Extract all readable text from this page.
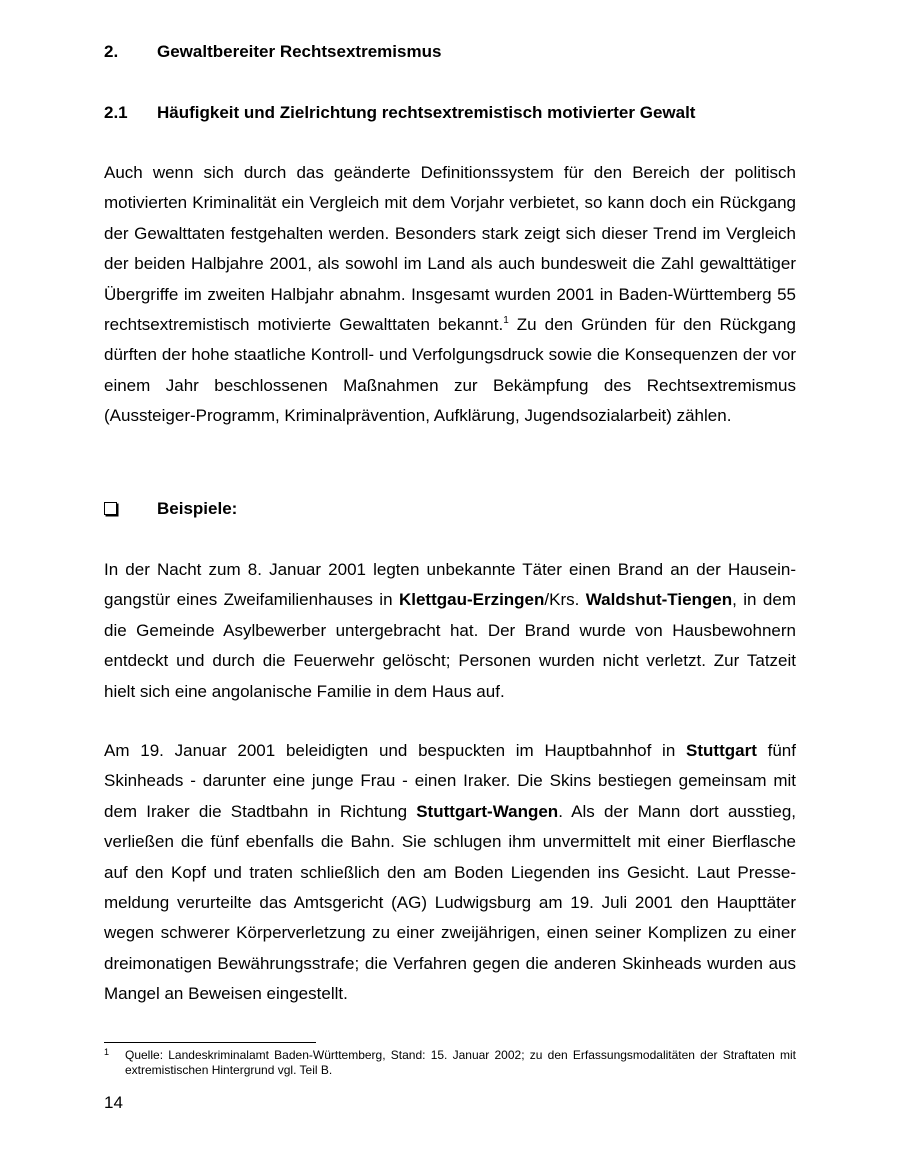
2. Gewaltbereiter Rechtsextremismus
2.1 Häufigkeit und Zielrichtung rechtsextremistisch motivierter Gewalt

Auch wenn sich durch das geänderte Definitionssystem für den Bereich der politisch motivierten Kriminalität ein Vergleich mit dem Vorjahr verbietet, so kann doch ein Rückgang der Gewalttaten festgehalten werden. Besonders stark zeigt sich dieser Trend im Vergleich der beiden Halbjahre 2001, als sowohl im Land als auch bundesweit die Zahl gewalttätiger Übergriffe im zweiten Halbjahr abnahm. Insgesamt wurden 2001 in Baden-Württemberg 55 rechtsextremistisch motivierte Gewalttaten bekannt.$^1$ Zu den Gründen für den Rückgang dürften der hohe staatliche Kontroll- und Verfolgungsdruck sowie die Konsequenzen der vor einem Jahr beschlossenen Maßnahmen zur Bekämpfung des Rechtsextremismus (Aussteiger-Programm, Kriminalprävention, Aufklärung, Jugendsozialarbeit) zählen.

Beispiele:

In der Nacht zum 8. Januar 2001 legten unbekannte Täter einen Brand an der Hauseingangstür eines Zweifamilienhauses in Klettgau-Erzingen/Krs. Waldshut-Tiengen, in dem die Gemeinde Asylbewerber untergebracht hat. Der Brand wurde von Hausbewohnern entdeckt und durch die Feuerwehr gelöscht; Personen wurden nicht verletzt. Zur Tatzeit hielt sich eine angolanische Familie in dem Haus auf.

Am 19. Januar 2001 beleidigten und bespuckten im Hauptbahnhof in Stuttgart fünf Skinheads - darunter eine junge Frau - einen Iraker. Die Skins bestiegen gemeinsam mit dem Iraker die Stadtbahn in Richtung Stuttgart-Wangen. Als der Mann dort ausstieg, verließen die fünf ebenfalls die Bahn. Sie schlugen ihm unvermittelt mit einer Bierflasche auf den Kopf und traten schließlich den am Boden Liegenden ins Gesicht. Laut Pressemeldung verurteilte das Amtsgericht (AG) Ludwigsburg am 19. Juli 2001 den Haupttäter wegen schwerer Körperverletzung zu einer zweijährigen, einen seiner Komplizen zu einer dreimonatigen Bewährungsstrafe; die Verfahren gegen die anderen Skinheads wurden aus Mangel an Beweisen eingestellt.

1 Quelle: Landeskriminalamt Baden-Württemberg, Stand: 15. Januar 2002; zu den Erfassungsmodalitäten der Straftaten mit extremistischen Hintergrund vgl. Teil B.
14
